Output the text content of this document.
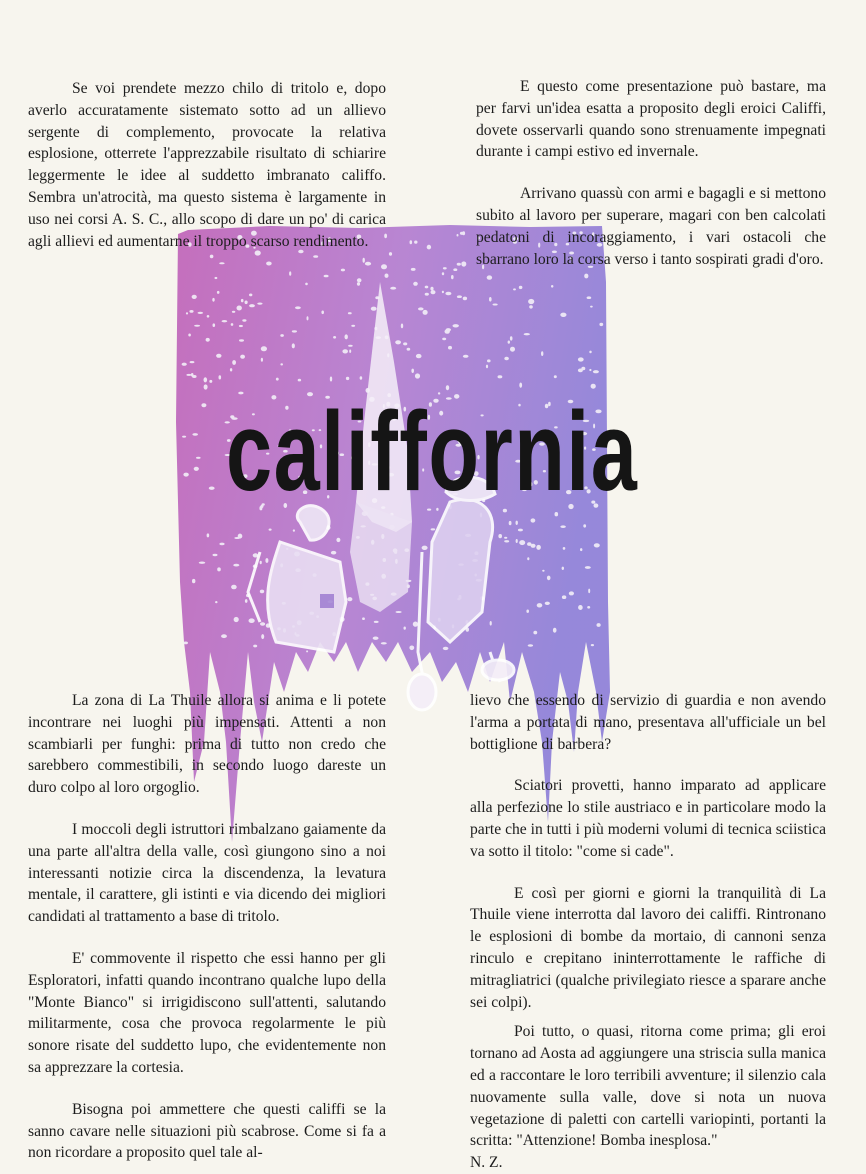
califfornia

Se voi prendete mezzo chilo di tritolo e, dopo averlo accuratamente sistemato sotto ad un allievo sergente di complemento, provocate la relativa esplosione, otterrete l'apprezzabile risultato di schiarire leggermente le idee al suddetto imbranato califfo. Sembra un'atrocità, ma questo sistema è largamente in uso nei corsi A. S. C., allo scopo di dare un po' di carica agli allievi ed aumentarne il troppo scarso rendimento.

E questo come presentazione può bastare, ma per farvi un'idea esatta a proposito degli eroici Califfi, dovete osservarli quando sono strenuamente impegnati durante i campi estivo ed invernale.

Arrivano quassù con armi e bagagli e si mettono subito al lavoro per superare, magari con ben calcolati pedatoni di incoraggiamento, i vari ostacoli che sbarrano loro la corsa verso i tanto sospirati gradi d'oro.

La zona di La Thuile allora si anima e li potete incontrare nei luoghi più impensati. Attenti a non scambiarli per funghi: prima di tutto non credo che sarebbero commestibili, in secondo luogo dareste un duro colpo al loro orgoglio.

I moccoli degli istruttori rimbalzano gaiamente da una parte all'altra della valle, così giungono sino a noi interessanti notizie circa la discendenza, la levatura mentale, il carattere, gli istinti e via dicendo dei migliori candidati al trattamento a base di tritolo.

E' commovente il rispetto che essi hanno per gli Esploratori, infatti quando incontrano qualche lupo della "Monte Bianco" si irrigidiscono sull'attenti, salutando militarmente, cosa che provoca regolarmente le più sonore risate del suddetto lupo, che evidentemente non sa apprezzare la cortesia.

Bisogna poi ammettere che questi califfi se la sanno cavare nelle situazioni più scabrose. Come si fa a non ricordare a proposito quel tale al-

lievo che essendo di servizio di guardia e non avendo l'arma a portata di mano, presentava all'ufficiale un bel bottiglione di barbera?

Sciatori provetti, hanno imparato ad applicare alla perfezione lo stile austriaco e in particolare modo la parte che in tutti i più moderni volumi di tecnica sciistica va sotto il titolo: "come si cade".

E così per giorni e giorni la tranquilità di La Thuile viene interrotta dal lavoro dei califfi. Rintronano le esplosioni di bombe da mortaio, di cannoni senza rinculo e crepitano ininterrottamente le raffiche di mitragliatrici (qualche privilegiato riesce a sparare anche sei colpi).

Poi tutto, o quasi, ritorna come prima; gli eroi tornano ad Aosta ad aggiungere una striscia sulla manica ed a raccontare le loro terribili avventure; il silenzio cala nuovamente sulla valle, dove si nota un nuova vegetazione di paletti con cartelli variopinti, portanti la scritta: "Attenzione! Bomba inesplosa."

N. Z.
